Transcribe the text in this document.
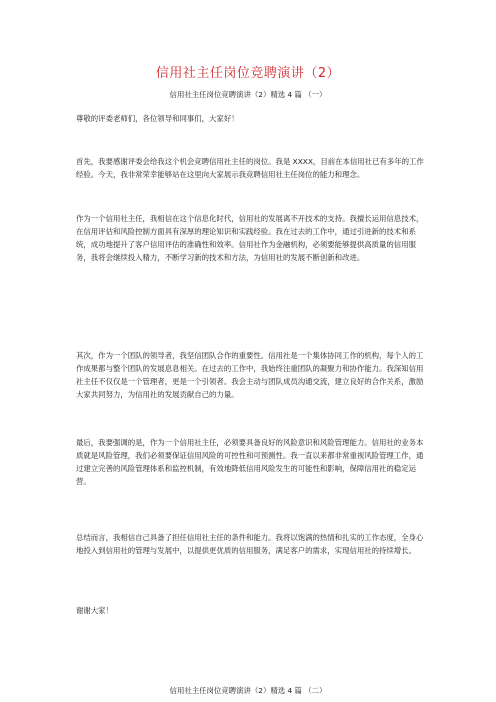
信用社主任岗位竞聘演讲（2）

信用社主任岗位竞聘演讲（2）精选 4 篇 （一）

尊敬的评委老师们，各位领导和同事们，大家好！

首先，我要感谢评委会给我这个机会竞聘信用社主任的岗位。我是 XXXX，目前在本信用社已有多年的工作经验。今天，我非常荣幸能够站在这里向大家展示我竞聘信用社主任岗位的能力和理念。

作为一个信用社主任，我相信在这个信息化时代，信用社的发展离不开技术的支持。我擅长运用信息技术，在信用评估和风险控制方面具有深厚的理论知识和实践经验。我在过去的工作中，通过引进新的技术和系统，成功地提升了客户信用评估的准确性和效率。信用社作为金融机构，必须要能够提供高质量的信用服务，我将会继续投入精力，不断学习新的技术和方法，为信用社的发展不断创新和改进。

其次，作为一个团队的领导者，我坚信团队合作的重要性。信用社是一个集体协同工作的机构，每个人的工作成果都与整个团队的发展息息相关。在过去的工作中，我始终注重团队的凝聚力和协作能力。我深知信用社主任不仅仅是一个管理者，更是一个引领者。我会主动与团队成员沟通交流，建立良好的合作关系，激励大家共同努力，为信用社的发展贡献自己的力量。

最后，我要强调的是，作为一个信用社主任，必须要具备良好的风险意识和风险管理能力。信用社的业务本质就是风险管理，我们必须要保证信用风险的可控性和可预测性。我一直以来都非常重视风险管理工作，通过建立完善的风险管理体系和监控机制，有效地降低信用风险发生的可能性和影响，保障信用社的稳定运营。

总结而言，我相信自己具备了担任信用社主任的条件和能力。我将以饱满的热情和扎实的工作态度，全身心地投入到信用社的管理与发展中，以提供更优质的信用服务，满足客户的需求，实现信用社的持续增长。

谢谢大家！

信用社主任岗位竞聘演讲（2）精选 4 篇 （二）
